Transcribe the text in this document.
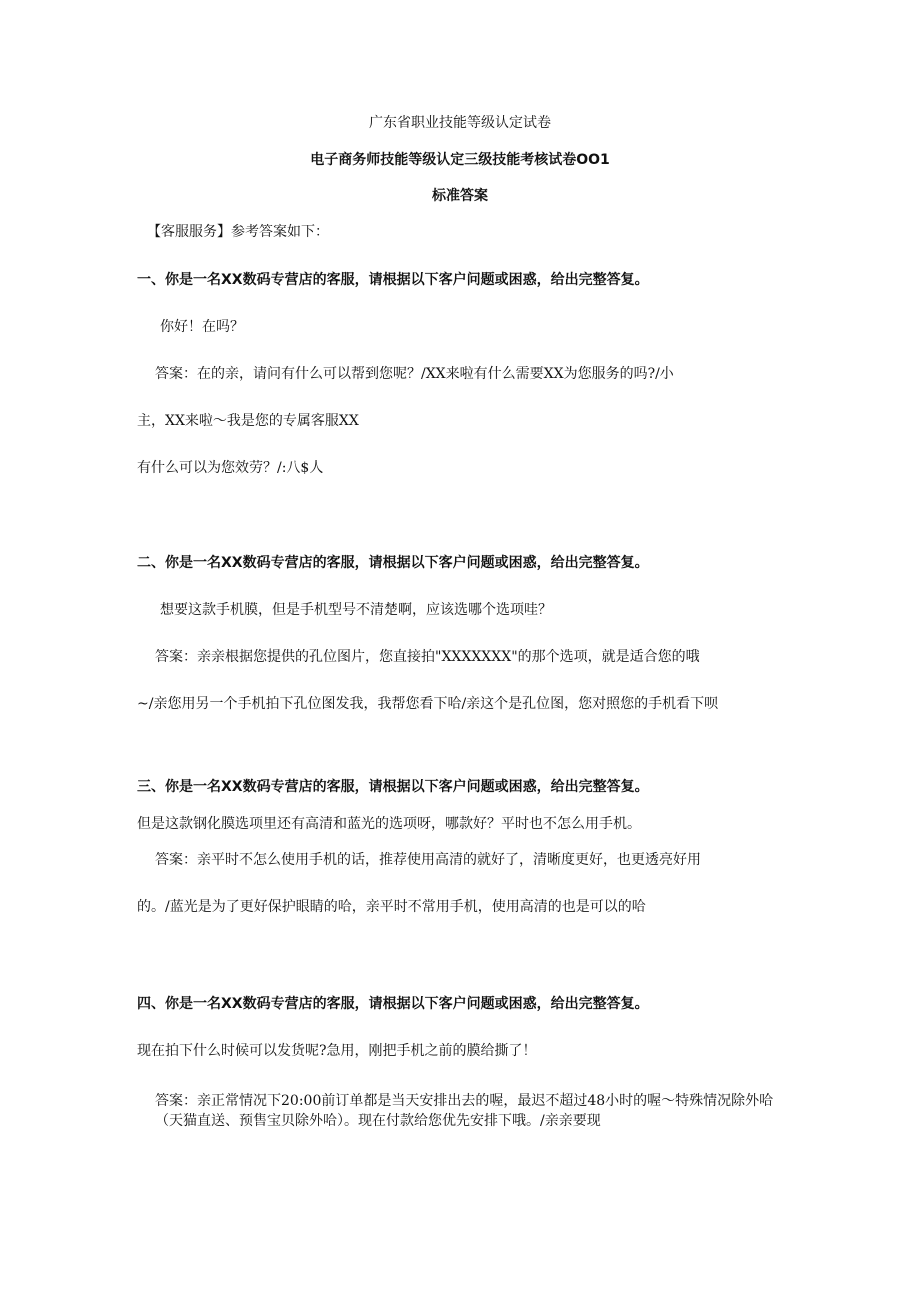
广东省职业技能等级认定试卷
电子商务师技能等级认定三级技能考核试卷OO1
标准答案
【客服服务】参考答案如下：
一、你是一名XX数码专营店的客服，请根据以下客户问题或困惑，给出完整答复。
你好！在吗？
答案：在的亲，请问有什么可以帮到您呢？/XX来啦有什么需要XX为您服务的吗?/小
主，XX来啦～我是您的专属客服XX
有什么可以为您效劳？/:八$人
二、你是一名XX数码专营店的客服，请根据以下客户问题或困惑，给出完整答复。
想要这款手机膜，但是手机型号不清楚啊，应该选哪个选项哇？
答案：亲亲根据您提供的孔位图片，您直接拍"XXXXXXX"的那个选项，就是适合您的哦
~/亲您用另一个手机拍下孔位图发我，我帮您看下哈/亲这个是孔位图，您对照您的手机看下呗
三、你是一名XX数码专营店的客服，请根据以下客户问题或困惑，给出完整答复。
但是这款钢化膜选项里还有高清和蓝光的选项呀，哪款好？平时也不怎么用手机。
答案：亲平时不怎么使用手机的话，推荐使用高清的就好了，清晰度更好，也更透亮好用
的。/蓝光是为了更好保护眼睛的哈，亲平时不常用手机，使用高清的也是可以的哈
四、你是一名XX数码专营店的客服，请根据以下客户问题或困惑，给出完整答复。
现在拍下什么时候可以发货呢?急用，刚把手机之前的膜给撕了！
答案：亲正常情况下20:00前订单都是当天安排出去的喔，最迟不超过48小时的喔～特殊情况除外哈（天猫直送、预售宝贝除外哈）。现在付款给您优先安排下哦。/亲亲要现
